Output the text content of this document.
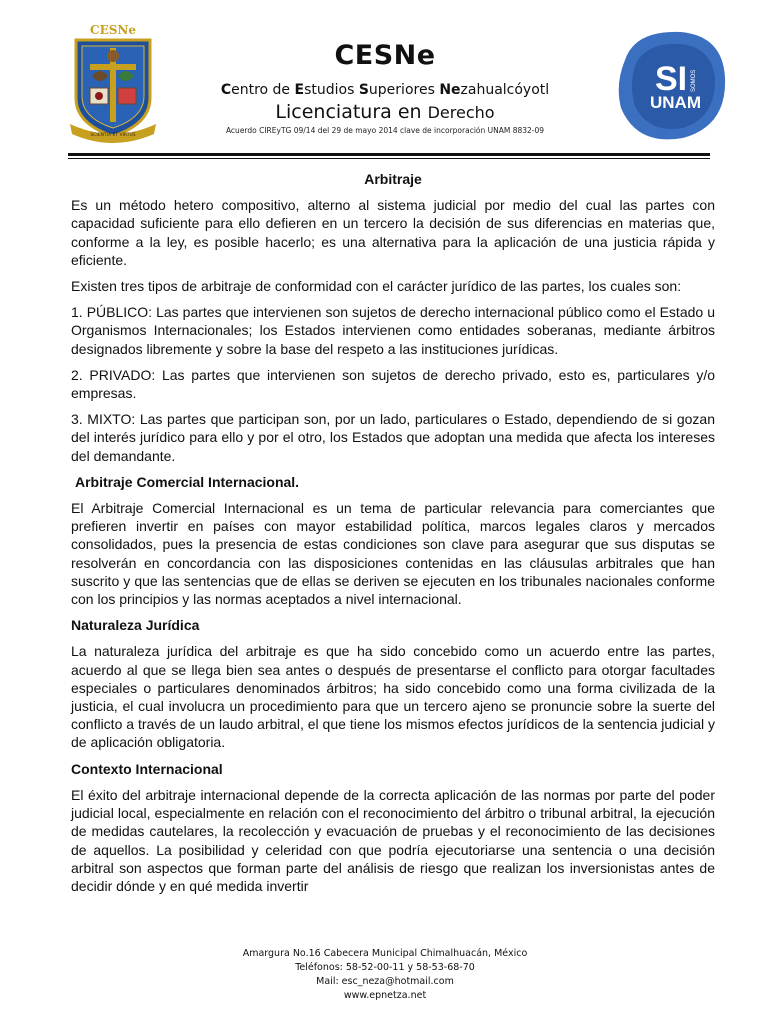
CESNe
SCIENTIA ET VIRTUS
SI SOMOS
UNAM
CESNe
Centro de Estudios Superiores Nezahualcóyotl
Licenciatura en Derecho
Acuerdo CIREyTG 09/14 del 29 de mayo 2014 clave de incorporación UNAM 8832-09
Arbitraje

Es un método hetero compositivo, alterno al sistema judicial por medio del cual las partes con capacidad suficiente para ello defieren en un tercero la decisión de sus diferencias en materias que, conforme a la ley, es posible hacerlo; es una alternativa para la aplicación de una justicia rápida y eficiente.

Existen tres tipos de arbitraje de conformidad con el carácter jurídico de las partes, los cuales son:

1. PÚBLICO: Las partes que intervienen son sujetos de derecho internacional público como el Estado u Organismos Internacionales; los Estados intervienen como entidades soberanas, mediante árbitros designados libremente y sobre la base del respeto a las instituciones jurídicas.

2. PRIVADO: Las partes que intervienen son sujetos de derecho privado, esto es, particulares y/o empresas.

3. MIXTO: Las partes que participan son, por un lado, particulares o Estado, dependiendo de si gozan del interés jurídico para ello y por el otro, los Estados que adoptan una medida que afecta los intereses del demandante.

Arbitraje Comercial Internacional.

El Arbitraje Comercial Internacional es un tema de particular relevancia para comerciantes que prefieren invertir en países con mayor estabilidad política, marcos legales claros y mercados consolidados, pues la presencia de estas condiciones son clave para asegurar que sus disputas se resolverán en concordancia con las disposiciones contenidas en las cláusulas arbitrales que han suscrito y que las sentencias que de ellas se deriven se ejecuten en los tribunales nacionales conforme con los principios y las normas aceptados a nivel internacional.

Naturaleza Jurídica

La naturaleza jurídica del arbitraje es que ha sido concebido como un acuerdo entre las partes, acuerdo al que se llega bien sea antes o después de presentarse el conflicto para otorgar facultades especiales o particulares denominados árbitros; ha sido concebido como una forma civilizada de la justicia, el cual involucra un procedimiento para que un tercero ajeno se pronuncie sobre la suerte del conflicto a través de un laudo arbitral, el que tiene los mismos efectos jurídicos de la sentencia judicial y de aplicación obligatoria.

Contexto Internacional

El éxito del arbitraje internacional depende de la correcta aplicación de las normas por parte del poder judicial local, especialmente en relación con el reconocimiento del árbitro o tribunal arbitral, la ejecución de medidas cautelares, la recolección y evacuación de pruebas y el reconocimiento de las decisiones de aquellos. La posibilidad y celeridad con que podría ejecutoriarse una sentencia o una decisión arbitral son aspectos que forman parte del análisis de riesgo que realizan los inversionistas antes de decidir dónde y en qué medida invertir

Amargura No.16 Cabecera Municipal Chimalhuacán, México
Teléfonos: 58-52-00-11 y 58-53-68-70
Mail: esc_neza@hotmail.com
www.epnetza.net
